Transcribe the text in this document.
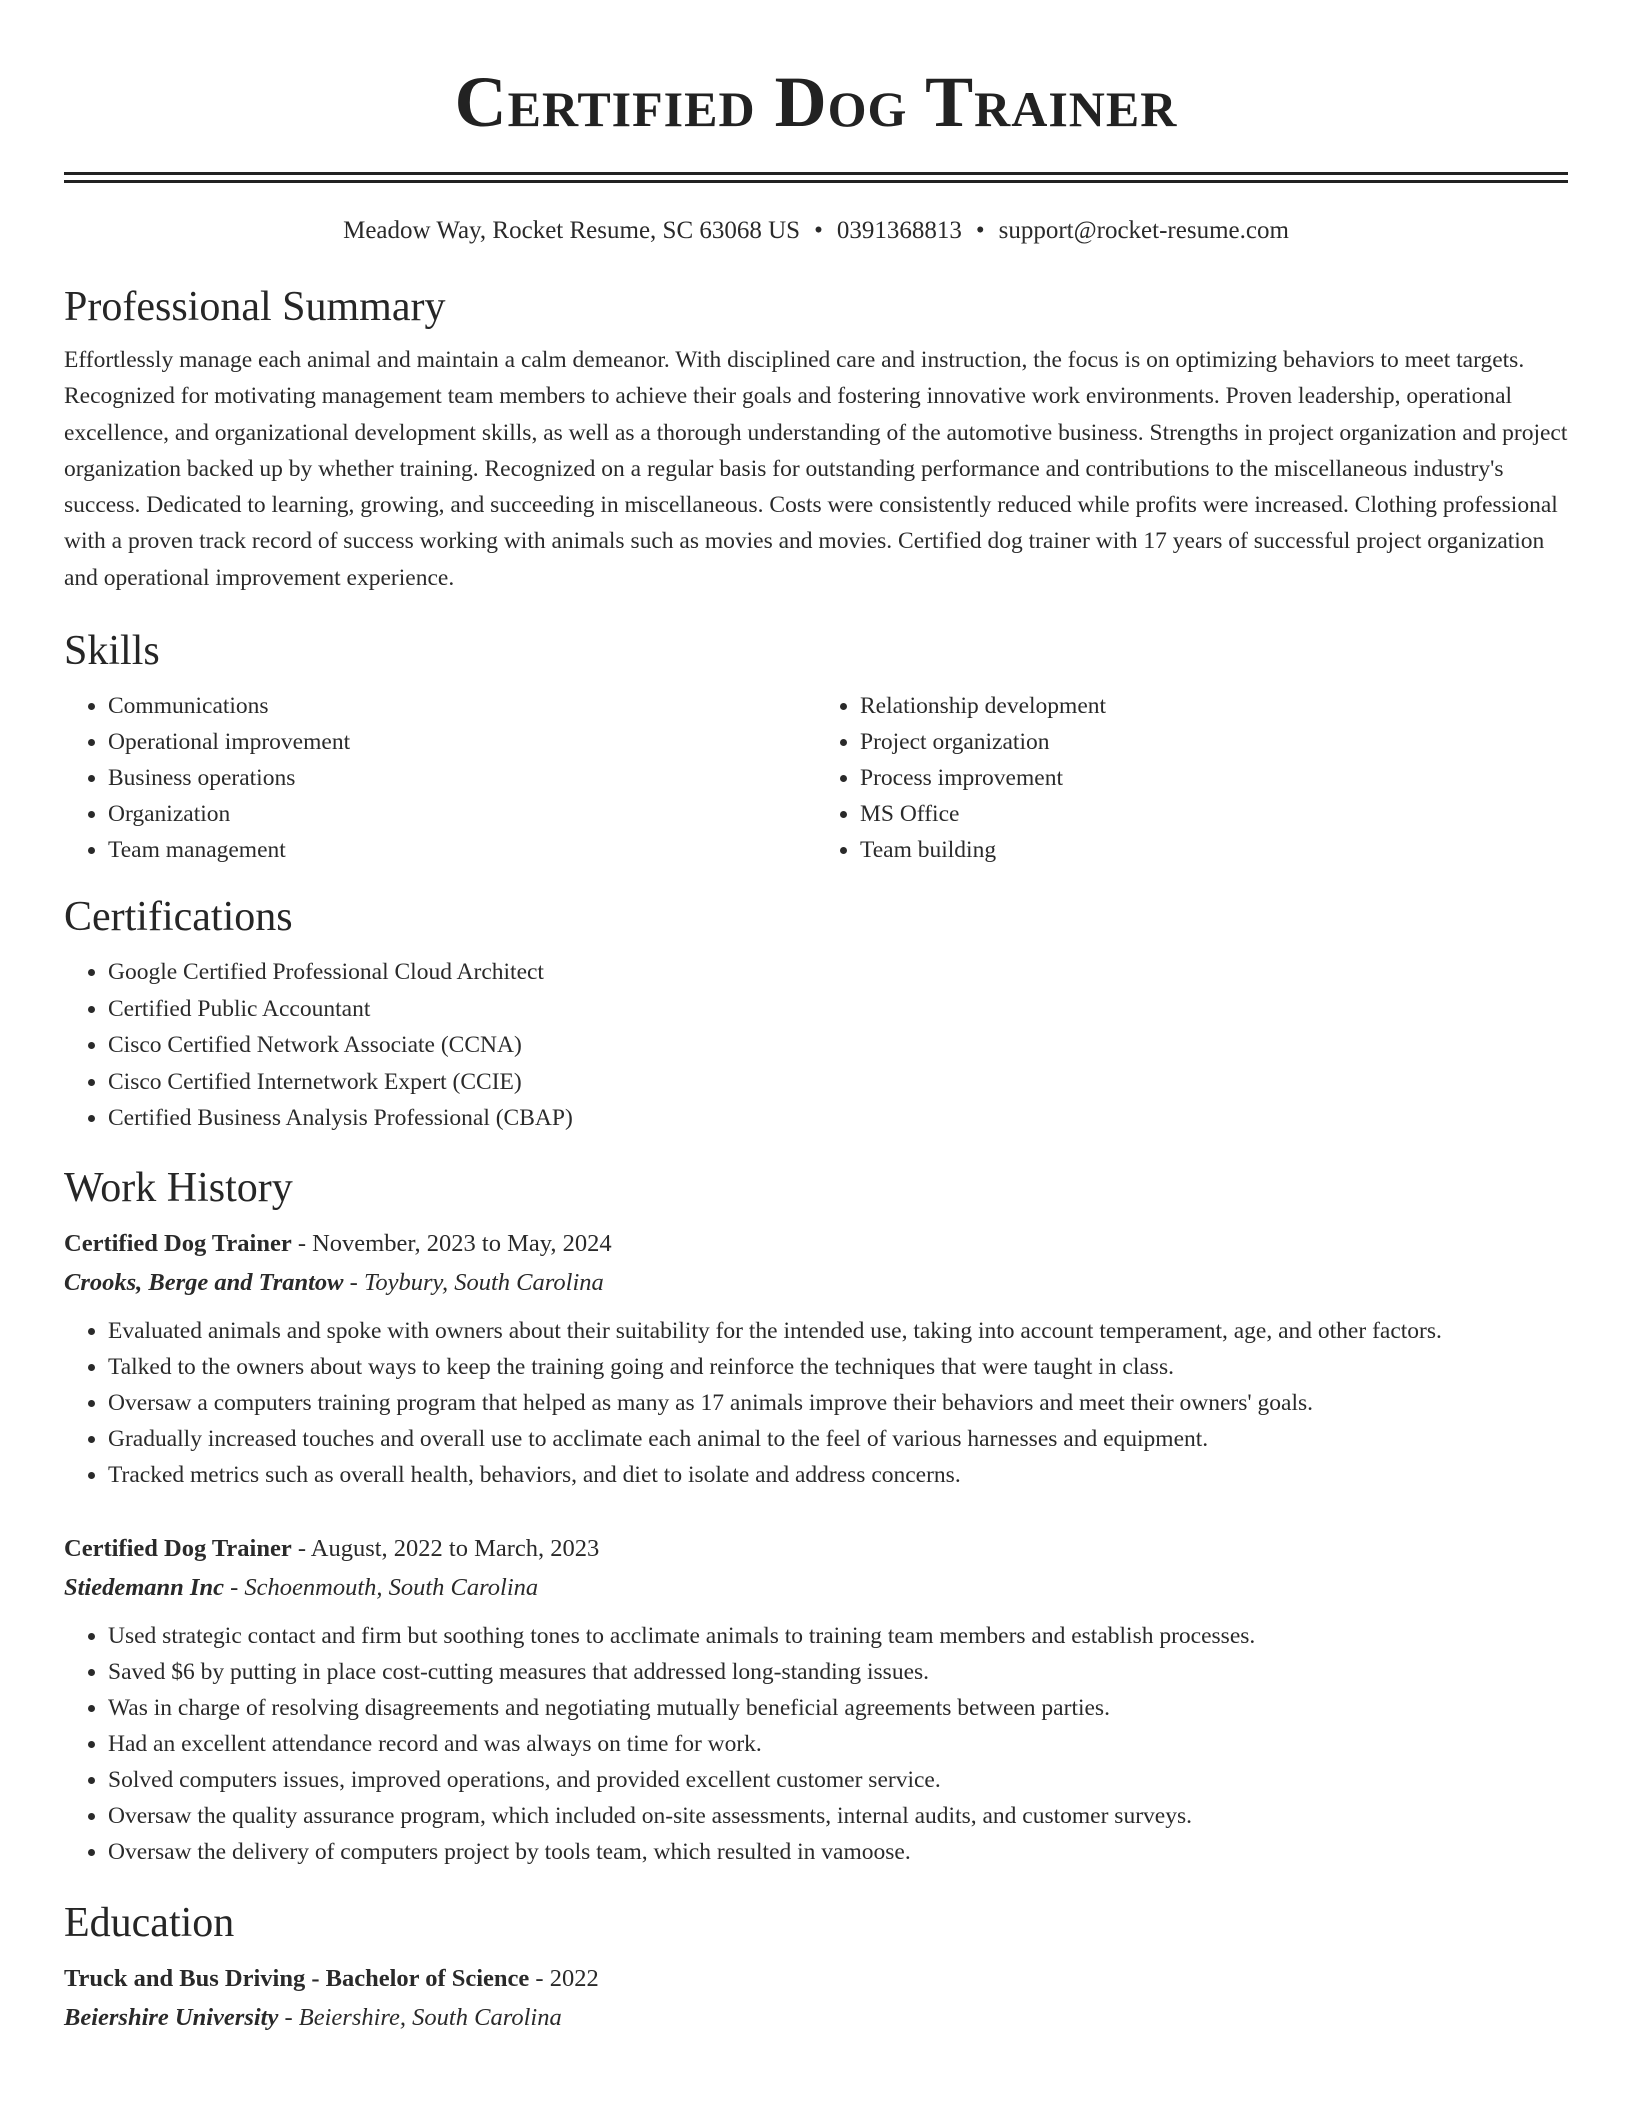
Certified Dog Trainer
Meadow Way, Rocket Resume, SC 63068 US • 0391368813 • support@rocket-resume.com
Professional Summary
Effortlessly manage each animal and maintain a calm demeanor. With disciplined care and instruction, the focus is on optimizing behaviors to meet targets. Recognized for motivating management team members to achieve their goals and fostering innovative work environments. Proven leadership, operational excellence, and organizational development skills, as well as a thorough understanding of the automotive business. Strengths in project organization and project organization backed up by whether training. Recognized on a regular basis for outstanding performance and contributions to the miscellaneous industry's success. Dedicated to learning, growing, and succeeding in miscellaneous. Costs were consistently reduced while profits were increased. Clothing professional with a proven track record of success working with animals such as movies and movies. Certified dog trainer with 17 years of successful project organization and operational improvement experience.
Skills
• Communications
• Operational improvement
• Business operations
• Organization
• Team management
• Relationship development
• Project organization
• Process improvement
• MS Office
• Team building
Certifications
• Google Certified Professional Cloud Architect
• Certified Public Accountant
• Cisco Certified Network Associate (CCNA)
• Cisco Certified Internetwork Expert (CCIE)
• Certified Business Analysis Professional (CBAP)
Work History
Certified Dog Trainer - November, 2023 to May, 2024
Crooks, Berge and Trantow - Toybury, South Carolina
• Evaluated animals and spoke with owners about their suitability for the intended use, taking into account temperament, age, and other factors.
• Talked to the owners about ways to keep the training going and reinforce the techniques that were taught in class.
• Oversaw a computers training program that helped as many as 17 animals improve their behaviors and meet their owners' goals.
• Gradually increased touches and overall use to acclimate each animal to the feel of various harnesses and equipment.
• Tracked metrics such as overall health, behaviors, and diet to isolate and address concerns.
Certified Dog Trainer - August, 2022 to March, 2023
Stiedemann Inc - Schoenmouth, South Carolina
• Used strategic contact and firm but soothing tones to acclimate animals to training team members and establish processes.
• Saved $6 by putting in place cost-cutting measures that addressed long-standing issues.
• Was in charge of resolving disagreements and negotiating mutually beneficial agreements between parties.
• Had an excellent attendance record and was always on time for work.
• Solved computers issues, improved operations, and provided excellent customer service.
• Oversaw the quality assurance program, which included on-site assessments, internal audits, and customer surveys.
• Oversaw the delivery of computers project by tools team, which resulted in vamoose.
Education
Truck and Bus Driving - Bachelor of Science - 2022
Beiershire University - Beiershire, South Carolina
